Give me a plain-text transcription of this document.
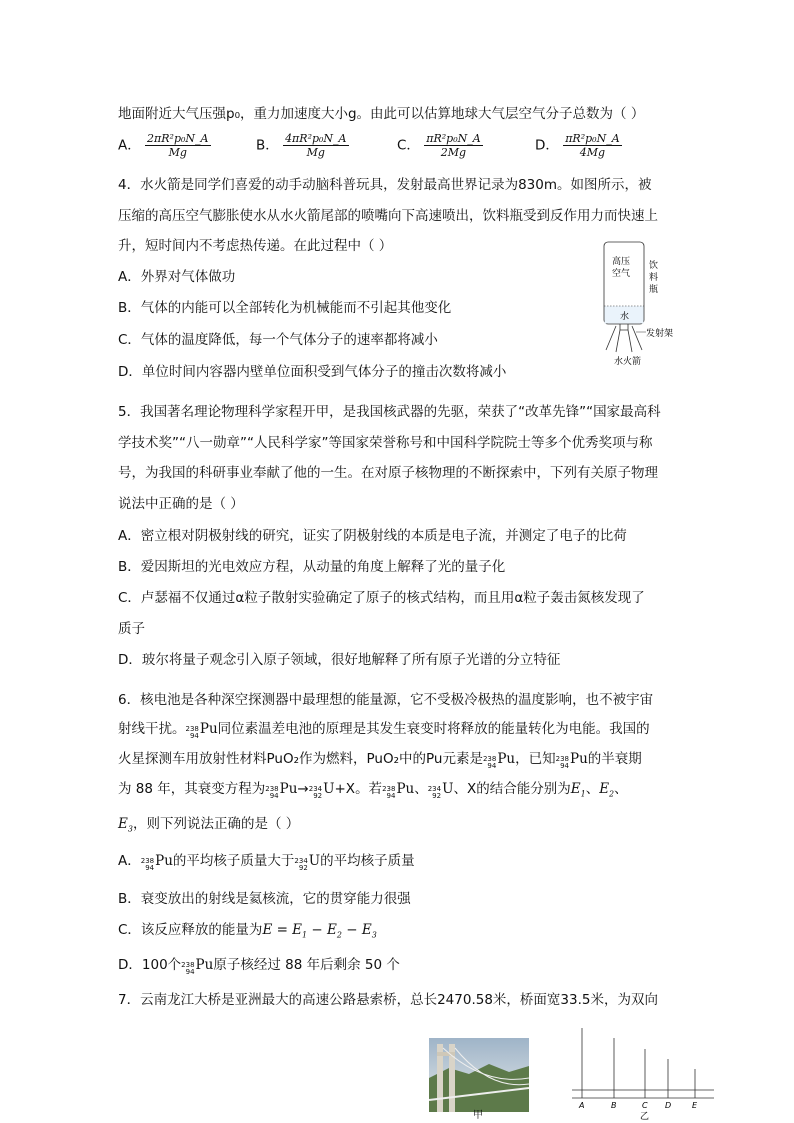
地面附近大气压强p₀，重力加速度大小g。由此可以估算地球大气层空气分子总数为（ ）
A． $\frac{\text{2πR²p₀N\_A}}{Mg}$	B． $\frac{\text{4πR²p₀N\_A}}{Mg}$	C． $\frac{\text{πR²p₀N\_A}}{2Mg}$	D． $\frac{\text{πR²p₀N\_A}}{4Mg}$
4．水火箭是同学们喜爱的动手动脑科普玩具，发射最高世界记录为830m。如图所示，被
压缩的高压空气膨胀使水从水火箭尾部的喷嘴向下高速喷出，饮料瓶受到反作用力而快速上
升，短时间内不考虑热传递。在此过程中（ ）
A．外界对气体做功
B．气体的内能可以全部转化为机械能而不引起其他变化
C．气体的温度降低，每一个气体分子的速率都将减小
D．单位时间内容器内壁单位面积受到气体分子的撞击次数将减小
高压
空气
饮
料
瓶
水
发射架
水火箭
5．我国著名理论物理科学家程开甲，是我国核武器的先驱，荣获了“改革先锋”“国家最高科
学技术奖”“八一勋章”“人民科学家”等国家荣誉称号和中国科学院院士等多个优秀奖项与称
号，为我国的科研事业奉献了他的一生。在对原子核物理的不断探索中，下列有关原子物理
说法中正确的是（ ）
A．密立根对阴极射线的研究，证实了阴极射线的本质是电子流，并测定了电子的比荷
B．爱因斯坦的光电效应方程，从动量的角度上解释了光的量子化
C．卢瑟福不仅通过α粒子散射实验确定了原子的核式结构，而且用α粒子轰击氮核发现了
质子
D．玻尔将量子观念引入原子领域，很好地解释了所有原子光谱的分立特征
6．核电池是各种深空探测器中最理想的能量源，它不受极冷极热的温度影响，也不被宇宙
射线干扰。 238
94 Pu同位素温差电池的原理是其发生衰变时将释放的能量转化为电能。我国的
火星探测车用放射性材料PuO₂作为燃料，PuO₂中的Pu元素是 238
94 Pu，已知 238
94 Pu的半衰期
为 88 年，其衰变方程为 238
94 Pu→ 234
92 U+X。若 238
94 Pu、 234
92 U、X的结合能分别为$E_1$、$E_2$、
$E_3$，则下列说法正确的是（ ）
A． 238
94 Pu的平均核子质量大于 234
92 U的平均核子质量
B．衰变放出的射线是氦核流，它的贯穿能力很强
C．该反应释放的能量为$E = E_1 - E_2 - E_3$
D．100个 238
94 Pu原子核经过 88 年后剩余 50 个
7．云南龙江大桥是亚洲最大的高速公路悬索桥，总长2470.58米，桥面宽33.5米，为双向
甲
A	B	C D	E
乙
